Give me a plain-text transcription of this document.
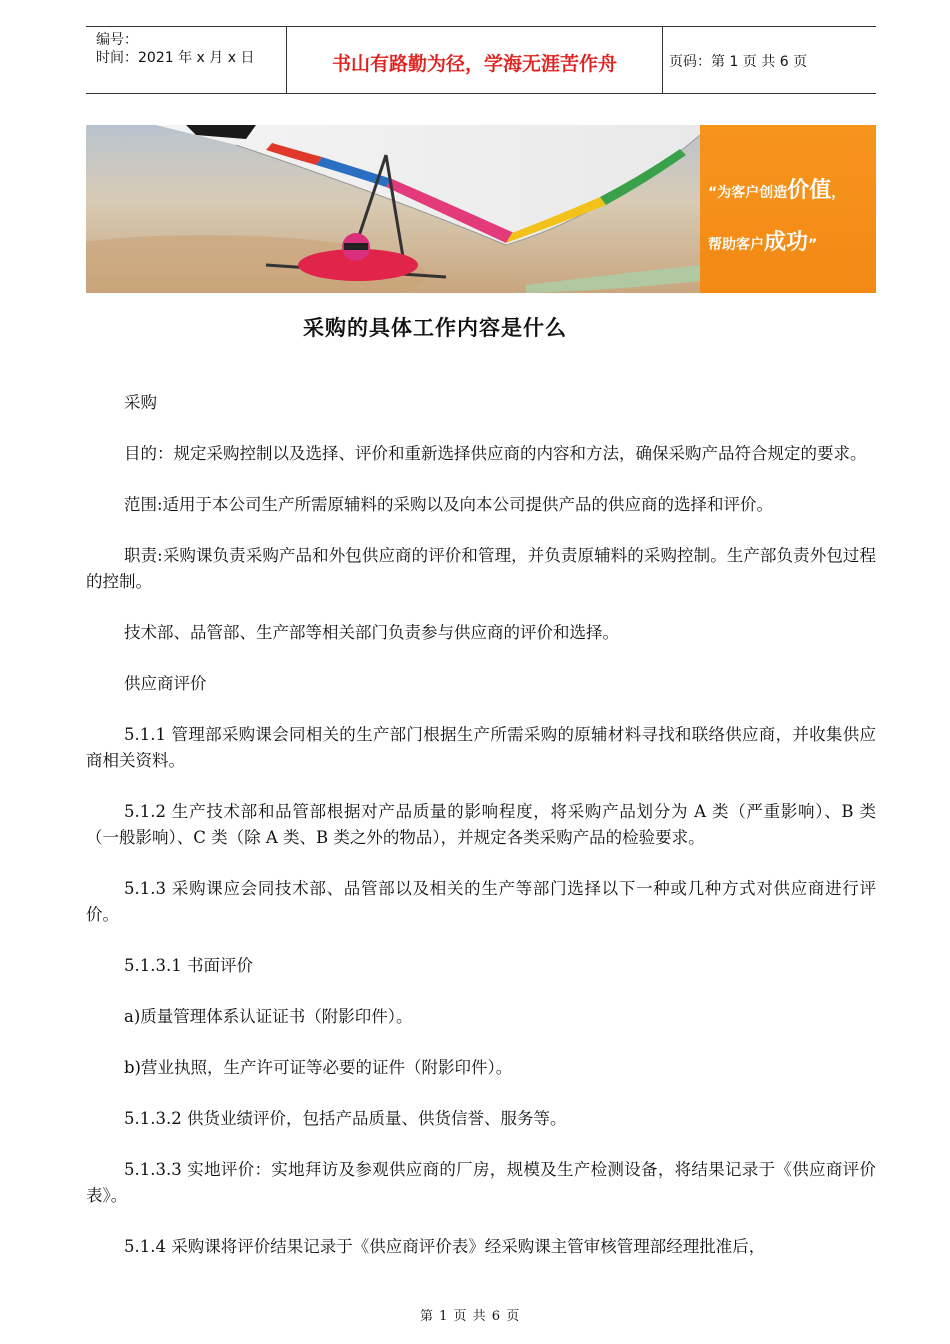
编号：
时间：2021 年 x 月 x 日	书山有路勤为径，学海无涯苦作舟	页码：第 1 页 共 6 页
“为客户创造价值，
帮助客户成功”
采购的具体工作内容是什么

采购

目的：规定采购控制以及选择、评价和重新选择供应商的内容和方法，确保采购产品符合规定的要求。

范围:适用于本公司生产所需原辅料的采购以及向本公司提供产品的供应商的选择和评价。

职责:采购课负责采购产品和外包供应商的评价和管理，并负责原辅料的采购控制。生产部负责外包过程的控制。

技术部、品管部、生产部等相关部门负责参与供应商的评价和选择。

供应商评价

5.1.1 管理部采购课会同相关的生产部门根据生产所需采购的原辅材料寻找和联络供应商，并收集供应商相关资料。

5.1.2 生产技术部和品管部根据对产品质量的影响程度，将采购产品划分为 A 类（严重影响）、B 类（一般影响）、C 类（除 A 类、B 类之外的物品），并规定各类采购产品的检验要求。

5.1.3 采购课应会同技术部、品管部以及相关的生产等部门选择以下一种或几种方式对供应商进行评价。

5.1.3.1 书面评价

a)质量管理体系认证证书（附影印件）。

b)营业执照，生产许可证等必要的证件（附影印件）。

5.1.3.2 供货业绩评价，包括产品质量、供货信誉、服务等。

5.1.3.3 实地评价：实地拜访及参观供应商的厂房，规模及生产检测设备，将结果记录于《供应商评价表》。

5.1.4 采购课将评价结果记录于《供应商评价表》经采购课主管审核管理部经理批准后，

第 1 页 共 6 页
